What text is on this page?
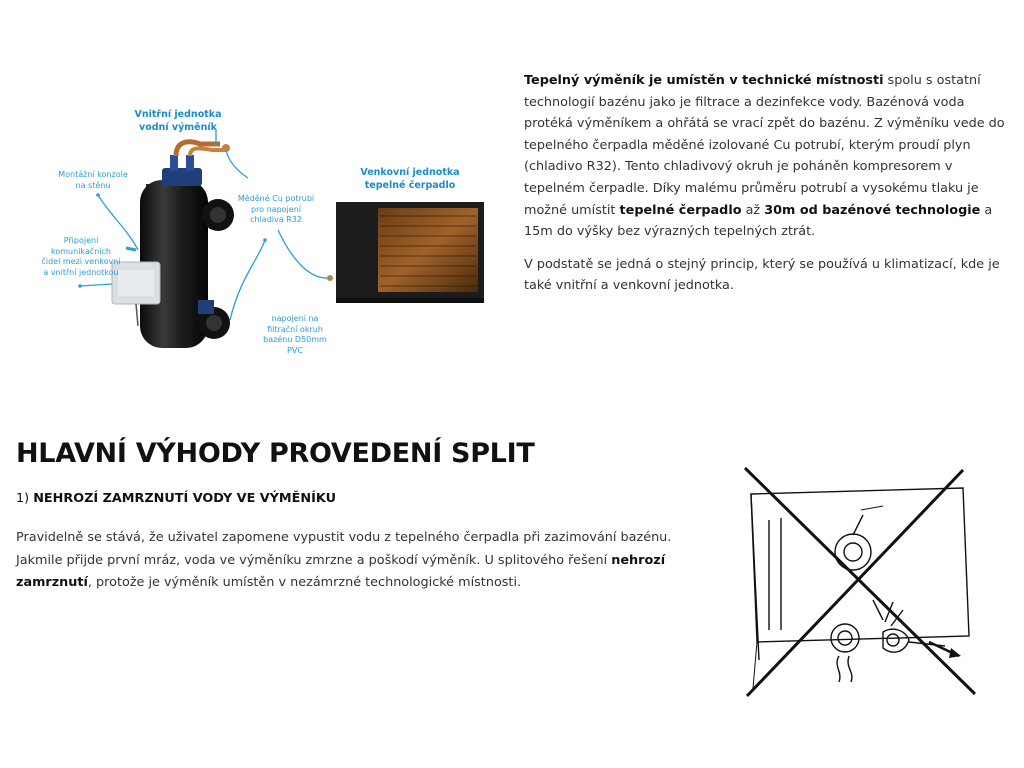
Vnitřní jednotka
vodní výměník
Venkovní jednotka
tepelné čerpadlo
Montážní konzole
na stěnu
Měděné Cu potrubí
pro napojení
chladiva R32
Připojení
komunikačních
čidel mezi venkovní
a vnitřní jednotkou
napojení na
filtrační okruh
bazénu D50mm
PVC

Tepelný výměník je umístěn v technické místnosti spolu s ostatní technologií bazénu jako je filtrace a dezinfekce vody. Bazénová voda protéká výměníkem a ohřátá se vrací zpět do bazénu. Z výměníku vede do tepelného čerpadla měděné izolované Cu potrubí, kterým proudí plyn (chladivo R32). Tento chladivový okruh je poháněn kompresorem v tepelném čerpadle. Díky malému průměru potrubí a vysokému tlaku je možné umístit tepelné čerpadlo až 30m od bazénové technologie a 15m do výšky bez výrazných tepelných ztrát.

V podstatě se jedná o stejný princip, který se používá u klimatizací, kde je také vnitřní a venkovní jednotka.

HLAVNÍ VÝHODY PROVEDENÍ SPLIT

1) NEHROZÍ ZAMRZNUTÍ VODY VE VÝMĚNÍKU

Pravidelně se stává, že uživatel zapomene vypustit vodu z tepelného čerpadla při zazimování bazénu. Jakmile přijde první mráz, voda ve výměníku zmrzne a poškodí výměník. U splitového řešení nehrozí zamrznutí, protože je výměník umístěn v nezámrzné technologické místnosti.
